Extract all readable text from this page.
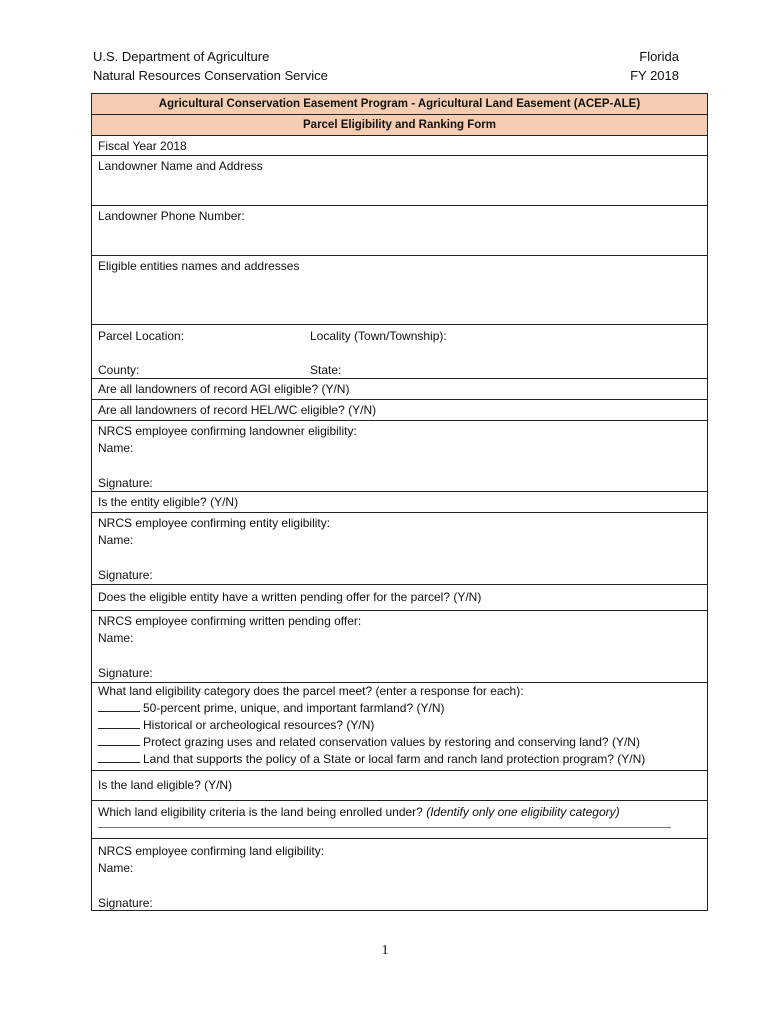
U.S. Department of Agriculture
Natural Resources Conservation Service
Florida
FY 2018
Agricultural Conservation Easement Program - Agricultural Land Easement (ACEP-ALE)
Parcel Eligibility and Ranking Form
Fiscal Year 2018
Landowner Name and Address
Landowner Phone Number:
Eligible entities names and addresses
Parcel Location:	Locality (Town/Township):
County:	State:
Are all landowners of record AGI eligible? (Y/N)
Are all landowners of record HEL/WC eligible? (Y/N)
NRCS employee confirming landowner eligibility:
Name:
Signature:
Is the entity eligible? (Y/N)
NRCS employee confirming entity eligibility:
Name:
Signature:
Does the eligible entity have a written pending offer for the parcel? (Y/N)
NRCS employee confirming written pending offer:
Name:
Signature:
What land eligibility category does the parcel meet? (enter a response for each):
50-percent prime, unique, and important farmland? (Y/N)
Historical or archeological resources? (Y/N)
Protect grazing uses and related conservation values by restoring and conserving land? (Y/N)
Land that supports the policy of a State or local farm and ranch land protection program? (Y/N)
Is the land eligible? (Y/N)
Which land eligibility criteria is the land being enrolled under? (Identify only one eligibility category)
NRCS employee confirming land eligibility:
Name:
Signature:
1
